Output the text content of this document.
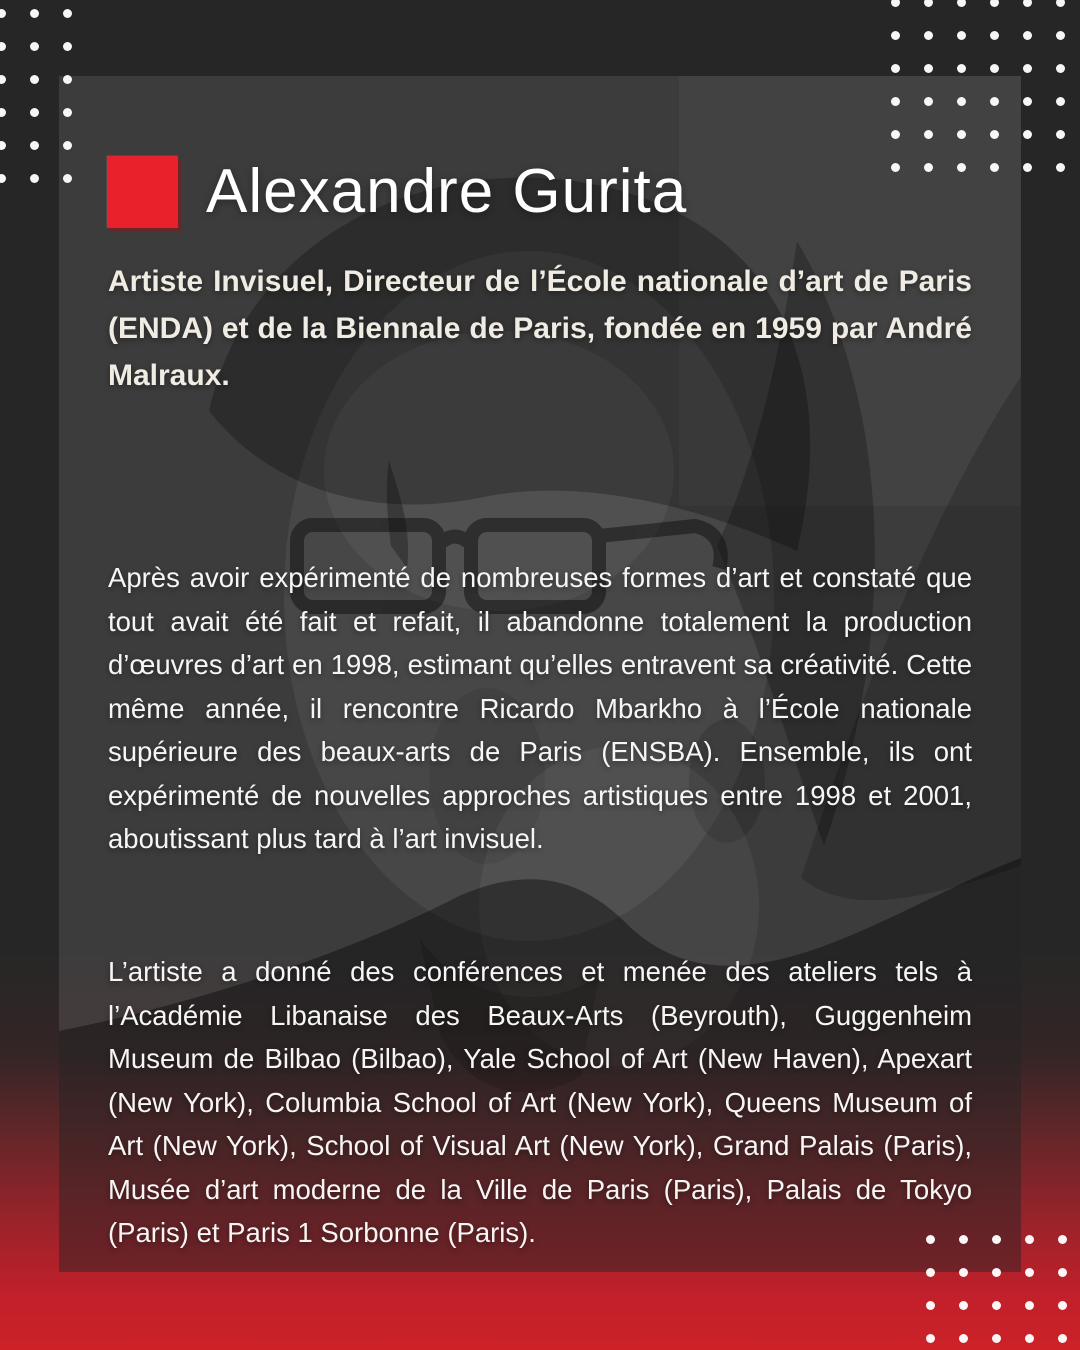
Alexandre Gurita

Artiste Invisuel, Directeur de l’École nationale d’art de Paris (ENDA) et de la Biennale de Paris, fondée en 1959 par André Malraux.

Après avoir expérimenté de nombreuses formes d’art et constaté que tout avait été fait et refait, il abandonne totalement la production d’œuvres d’art en 1998, estimant qu’elles entravent sa créativité. Cette même année, il rencontre Ricardo Mbarkho à l’École nationale supérieure des beaux-arts de Paris (ENSBA). Ensemble, ils ont expérimenté de nouvelles approches artistiques entre 1998 et 2001, aboutissant plus tard à l’art invisuel.

L’artiste a donné des conférences et menée des ateliers tels à l’Académie Libanaise des Beaux-Arts (Beyrouth), Guggenheim Museum de Bilbao (Bilbao), Yale School of Art (New Haven), Apexart (New York), Columbia School of Art (New York), Queens Museum of Art (New York), School of Visual Art (New York), Grand Palais (Paris), Musée d’art moderne de la Ville de Paris (Paris), Palais de Tokyo (Paris) et Paris 1 Sorbonne (Paris).
